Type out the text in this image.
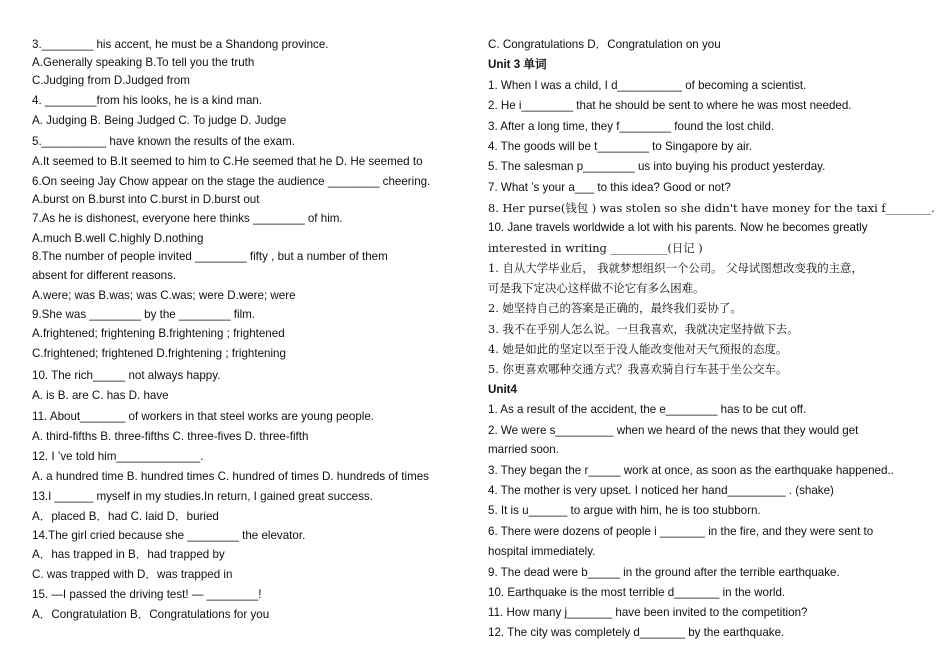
3.________ his accent, he must be a Shandong province.
A.Generally speaking B.To tell you the truth
C.Judging from D.Judged from
4. ________from his looks, he is a kind man.
A. Judging B. Being Judged C. To judge D. Judge
5.__________ have known the results of the exam.
A.It seemed to B.It seemed to him to C.He seemed that he D. He seemed to
6.On seeing Jay Chow appear on the stage the audience ________ cheering.
A.burst on B.burst into C.burst in D.burst out
7.As he is dishonest, everyone here thinks ________ of him.
A.much B.well C.highly D.nothing
8.The number of people invited ________ fifty , but a number of them
absent for different reasons.
A.were; was B.was; was C.was; were D.were; were
9.She was ________ by the ________ film.
A.frightened; frightening B.frightening ; frightened
C.frightened; frightened D.frightening ; frightening
10. The rich_____ not always happy.
A. is B. are C. has D. have
11. About_______ of workers in that steel works are young people.
A. third-fifths B. three-fifths C. three-fives D. three-fifth
12. I ’ve told him_____________.
A. a hundred time B. hundred times C. hundred of times D. hundreds of times
13.I ______ myself in my studies.In return, I gained great success.
A．placed B．had C. laid D．buried
14.The girl cried because she ________ the elevator.
A．has trapped in B．had trapped by
C. was trapped with D．was trapped in
15. —I passed the driving test! — ________!
A．Congratulation B．Congratulations for you
C. Congratulations D．Congratulation on you
Unit 3 单词
1. When I was a child, I d__________ of becoming a scientist.
2. He i________ that he should be sent to where he was most needed.
3. After a long time, they f________ found the lost child.
4. The goods will be t________ to Singapore by air.
5. The salesman p________ us into buying his product yesterday.
7. What ’s your a___ to this idea? Good or not?
8. Her purse(钱包 ) was stolen so she didn't have money for the taxi f________.
10. Jane travels worldwide a lot with his parents. Now he becomes greatly
interested in writing __________(日记 )
1. 自从大学毕业后， 我就梦想组织一个公司。 父母试图想改变我的主意，
可是我下定决心这样做不论它有多么困难。
2. 她坚持自己的答案是正确的，最终我们妥协了。
3. 我不在乎别人怎么说。一旦我喜欢，我就决定坚持做下去。
4. 她是如此的坚定以至于没人能改变他对天气预报的态度。
5. 你更喜欢哪种交通方式？我喜欢骑自行车甚于坐公交车。
Unit4
1. As a result of the accident, the e________ has to be cut off.
2. We were s_________ when we heard of the news that they would get
married soon.
3. They began the r_____ work at once, as soon as the earthquake happened..
4. The mother is very upset. I noticed her hand_________ . (shake)
5. It is u______ to argue with him, he is too stubborn.
6. There were dozens of people i _______ in the fire, and they were sent to
hospital immediately.
9. The dead were b_____ in the ground after the terrible earthquake.
10. Earthquake is the most terrible d_______ in the world.
11. How many j_______ have been invited to the competition?
12. The city was completely d_______ by the earthquake.
